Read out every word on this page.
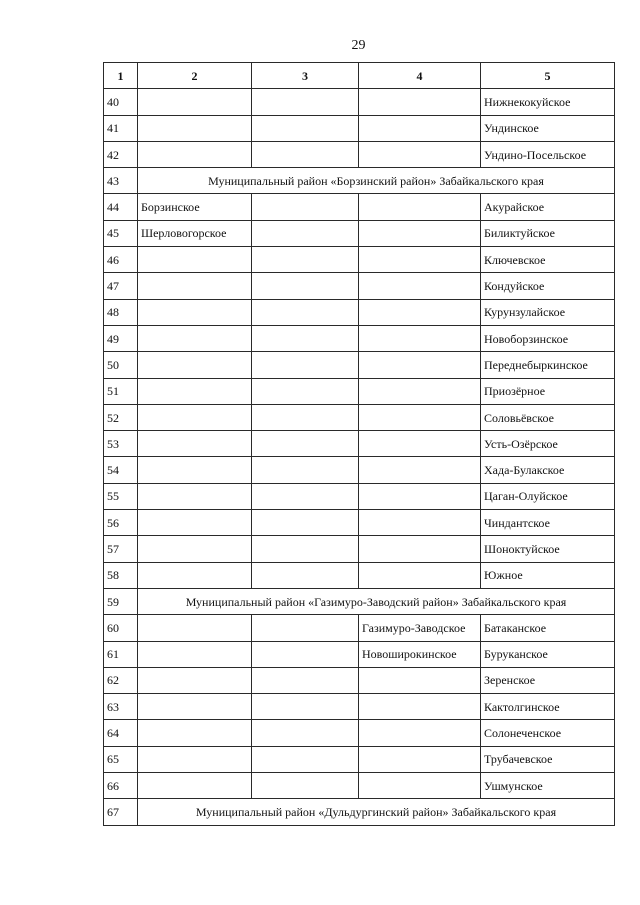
29
1	2	3	4	5
40				Нижнекокуйское
41				Ундинское
42				Ундино-Посельское
43	Муниципальный район «Борзинский район» Забайкальского края			
44	Борзинское			Акурайское
45	Шерловогорское			Биликтуйское
46				Ключевское
47				Кондуйское
48				Курунзулайское
49				Новоборзинское
50				Переднебыркинское
51				Приозёрное
52				Соловьёвское
53				Усть-Озёрское
54				Хада-Булакское
55				Цаган-Олуйское
56				Чиндантское
57				Шоноктуйское
58				Южное
59	Муниципальный район «Газимуро-Заводский район» Забайкальского края			
60			Газимуро-Заводское	Батаканское
61			Новоширокинское	Буруканское
62				Зеренское
63				Кактолгинское
64				Солонеченское
65				Трубачевское
66				Ушмунское
67	Муниципальный район «Дульдургинский район» Забайкальского края			
